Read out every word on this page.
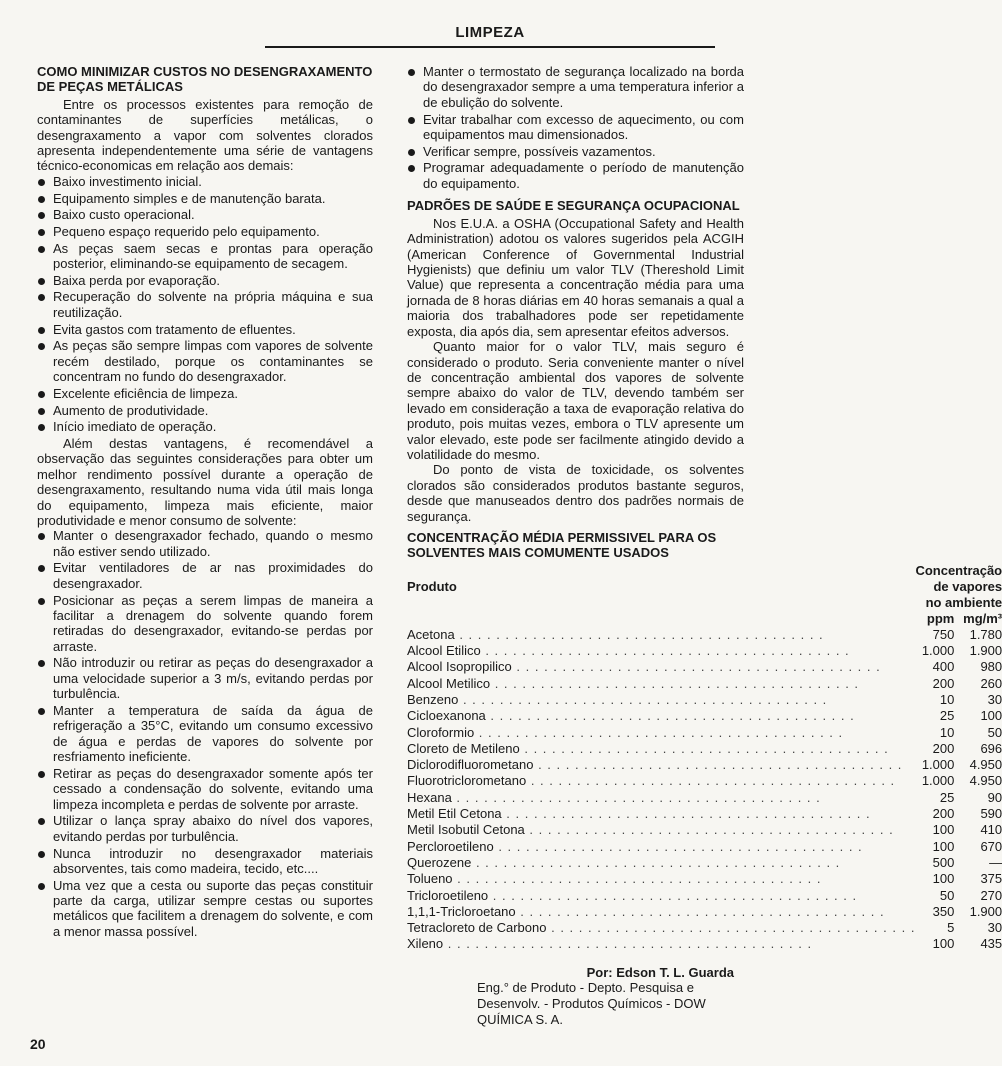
LIMPEZA
COMO MINIMIZAR CUSTOS NO DESENGRAXAMENTO DE PEÇAS METÁLICAS

Entre os processos existentes para remoção de contaminantes de superfícies metálicas, o desengraxamento a vapor com solventes clorados apresenta independentemente uma série de vantagens técnico-economicas em relação aos demais:

Baixo investimento inicial.
Equipamento simples e de manutenção barata.
Baixo custo operacional.
Pequeno espaço requerido pelo equipamento.
As peças saem secas e prontas para operação posterior, eliminando-se equipamento de secagem.
Baixa perda por evaporação.
Recuperação do solvente na própria máquina e sua reutilização.
Evita gastos com tratamento de efluentes.
As peças são sempre limpas com vapores de solvente recém destilado, porque os contaminantes se concentram no fundo do desengraxador.
Excelente eficiência de limpeza.
Aumento de produtividade.
Início imediato de operação.

Além destas vantagens, é recomendável a observação das seguintes considerações para obter um melhor rendimento possível durante a operação de desengraxamento, resultando numa vida útil mais longa do equipamento, limpeza mais eficiente, maior produtividade e menor consumo de solvente:

Manter o desengraxador fechado, quando o mesmo não estiver sendo utilizado.
Evitar ventiladores de ar nas proximidades do desengraxador.
Posicionar as peças a serem limpas de maneira a facilitar a drenagem do solvente quando forem retiradas do desengraxador, evitando-se perdas por arraste.
Não introduzir ou retirar as peças do desengraxador a uma velocidade superior a 3 m/s, evitando perdas por turbulência.
Manter a temperatura de saída da água de refrigeração a 35°C, evitando um consumo excessivo de água e perdas de vapores do solvente por resfriamento ineficiente.
Retirar as peças do desengraxador somente após ter cessado a condensação do solvente, evitando uma limpeza incompleta e perdas de solvente por arraste.
Utilizar o lança spray abaixo do nível dos vapores, evitando perdas por turbulência.
Nunca introduzir no desengraxador materiais absorventes, tais como madeira, tecido, etc....
Uma vez que a cesta ou suporte das peças constituir parte da carga, utilizar sempre cestas ou suportes metálicos que facilitem a drenagem do solvente, e com a menor massa possível.
Manter o termostato de segurança localizado na borda do desengraxador sempre a uma temperatura inferior a de ebulição do solvente.
Evitar trabalhar com excesso de aquecimento, ou com equipamentos mau dimensionados.
Verificar sempre, possíveis vazamentos.
Programar adequadamente o período de manutenção do equipamento.
PADRÕES DE SAÚDE E SEGURANÇA OCUPACIONAL

Nos E.U.A. a OSHA (Occupational Safety and Health Administration) adotou os valores sugeridos pela ACGIH (American Conference of Governmental Industrial Hygienists) que definiu um valor TLV (Thereshold Limit Value) que representa a concentração média para uma jornada de 8 horas diárias em 40 horas semanais a qual a maioria dos trabalhadores pode ser repetidamente exposta, dia após dia, sem apresentar efeitos adversos.

Quanto maior for o valor TLV, mais seguro é considerado o produto. Seria conveniente manter o nível de concentração ambiental dos vapores de solvente sempre abaixo do valor de TLV, devendo também ser levado em consideração a taxa de evaporação relativa do produto, pois muitas vezes, embora o TLV apresente um valor elevado, este pode ser facilmente atingido devido a volatilidade do mesmo.

Do ponto de vista de toxicidade, os solventes clorados são considerados produtos bastante seguros, desde que manuseados dentro dos padrões normais de segurança.

CONCENTRAÇÃO MÉDIA PERMISSIVEL PARA OS SOLVENTES MAIS COMUMENTE USADOS
Produto	Concentração de vapores no ambiente	
	ppm	mg/m³
Acetona . . . . . . . . . . . . . . . . . . . . . . . . . . . . . . . . . . . . . . . .	750	1.780
Alcool Etilico . . . . . . . . . . . . . . . . . . . . . . . . . . . . . . . . . . . . . . . .	1.000	1.900
Alcool Isopropilico . . . . . . . . . . . . . . . . . . . . . . . . . . . . . . . . . . . . . . . .	400	980
Alcool Metilico . . . . . . . . . . . . . . . . . . . . . . . . . . . . . . . . . . . . . . . .	200	260
Benzeno . . . . . . . . . . . . . . . . . . . . . . . . . . . . . . . . . . . . . . . .	10	30
Cicloexanona . . . . . . . . . . . . . . . . . . . . . . . . . . . . . . . . . . . . . . . .	25	100
Cloroformio . . . . . . . . . . . . . . . . . . . . . . . . . . . . . . . . . . . . . . . .	10	50
Cloreto de Metileno . . . . . . . . . . . . . . . . . . . . . . . . . . . . . . . . . . . . . . . .	200	696
Diclorodifluorometano . . . . . . . . . . . . . . . . . . . . . . . . . . . . . . . . . . . . . . . .	1.000	4.950
Fluorotriclorometano . . . . . . . . . . . . . . . . . . . . . . . . . . . . . . . . . . . . . . . .	1.000	4.950
Hexana . . . . . . . . . . . . . . . . . . . . . . . . . . . . . . . . . . . . . . . .	25	90
Metil Etil Cetona . . . . . . . . . . . . . . . . . . . . . . . . . . . . . . . . . . . . . . . .	200	590
Metil Isobutil Cetona . . . . . . . . . . . . . . . . . . . . . . . . . . . . . . . . . . . . . . . .	100	410
Percloroetileno . . . . . . . . . . . . . . . . . . . . . . . . . . . . . . . . . . . . . . . .	100	670
Querozene . . . . . . . . . . . . . . . . . . . . . . . . . . . . . . . . . . . . . . . .	500	—
Tolueno . . . . . . . . . . . . . . . . . . . . . . . . . . . . . . . . . . . . . . . .	100	375
Tricloroetileno . . . . . . . . . . . . . . . . . . . . . . . . . . . . . . . . . . . . . . . .	50	270
1,1,1-Tricloroetano . . . . . . . . . . . . . . . . . . . . . . . . . . . . . . . . . . . . . . . .	350	1.900
Tetracloreto de Carbono . . . . . . . . . . . . . . . . . . . . . . . . . . . . . . . . . . . . . . . .	5	30
Xileno . . . . . . . . . . . . . . . . . . . . . . . . . . . . . . . . . . . . . . . .	100	435
Por: Edson T. L. Guarda
Eng.° de Produto - Depto. Pesquisa e
Desenvolv. - Produtos Químicos - DOW
QUÍMICA S. A.
20
